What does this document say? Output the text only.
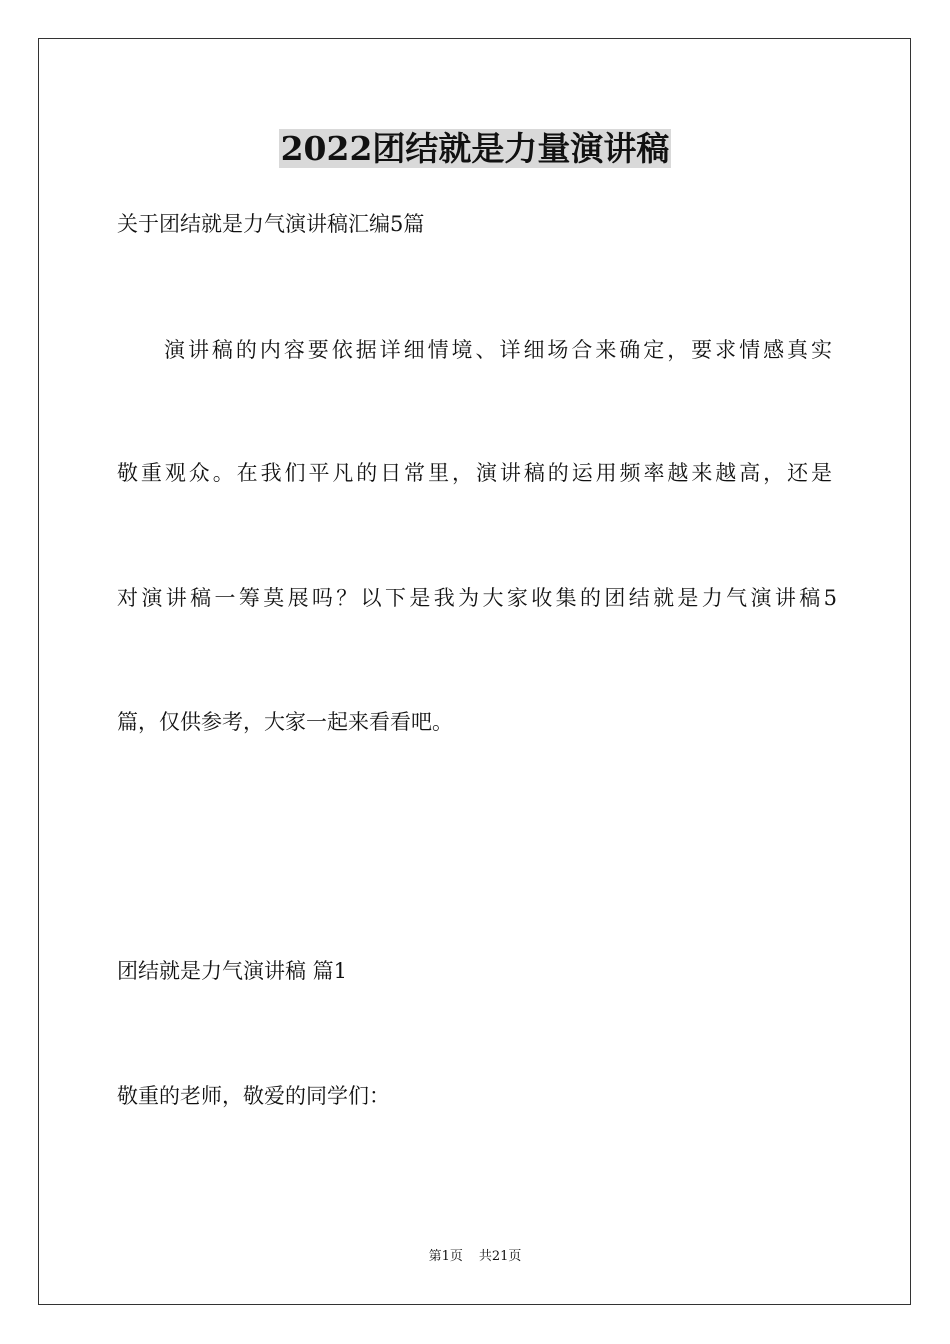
2022团结就是力量演讲稿
关于团结就是力气演讲稿汇编5篇
演讲稿的内容要依据详细情境、详细场合来确定，要求情感真实
敬重观众。在我们平凡的日常里，演讲稿的运用频率越来越高，还是
对演讲稿一筹莫展吗？以下是我为大家收集的团结就是力气演讲稿5
篇，仅供参考，大家一起来看看吧。
团结就是力气演讲稿 篇1
敬重的老师，敬爱的同学们：
第1页 共21页
